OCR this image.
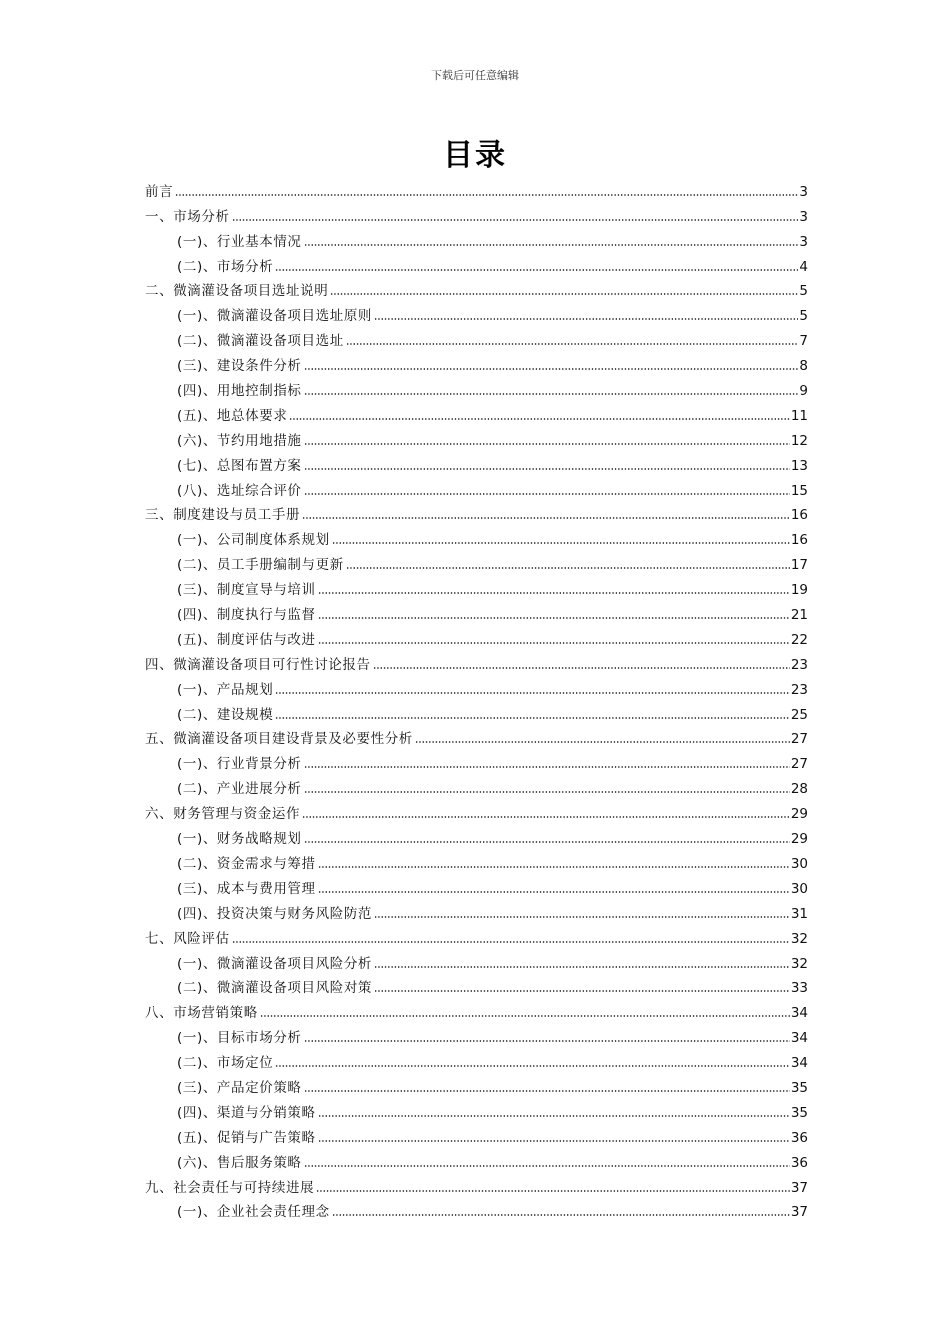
下载后可任意编辑
目录
前言	3
一、市场分析	3
(一)、行业基本情况	3
(二)、市场分析	4
二、微滴灌设备项目选址说明	5
(一)、微滴灌设备项目选址原则	5
(二)、微滴灌设备项目选址	7
(三)、建设条件分析	8
(四)、用地控制指标	9
(五)、地总体要求	11
(六)、节约用地措施	12
(七)、总图布置方案	13
(八)、选址综合评价	15
三、制度建设与员工手册	16
(一)、公司制度体系规划	16
(二)、员工手册编制与更新	17
(三)、制度宣导与培训	19
(四)、制度执行与监督	21
(五)、制度评估与改进	22
四、微滴灌设备项目可行性讨论报告	23
(一)、产品规划	23
(二)、建设规模	25
五、微滴灌设备项目建设背景及必要性分析	27
(一)、行业背景分析	27
(二)、产业进展分析	28
六、财务管理与资金运作	29
(一)、财务战略规划	29
(二)、资金需求与筹措	30
(三)、成本与费用管理	30
(四)、投资决策与财务风险防范	31
七、风险评估	32
(一)、微滴灌设备项目风险分析	32
(二)、微滴灌设备项目风险对策	33
八、市场营销策略	34
(一)、目标市场分析	34
(二)、市场定位	34
(三)、产品定价策略	35
(四)、渠道与分销策略	35
(五)、促销与广告策略	36
(六)、售后服务策略	36
九、社会责任与可持续进展	37
(一)、企业社会责任理念	37
